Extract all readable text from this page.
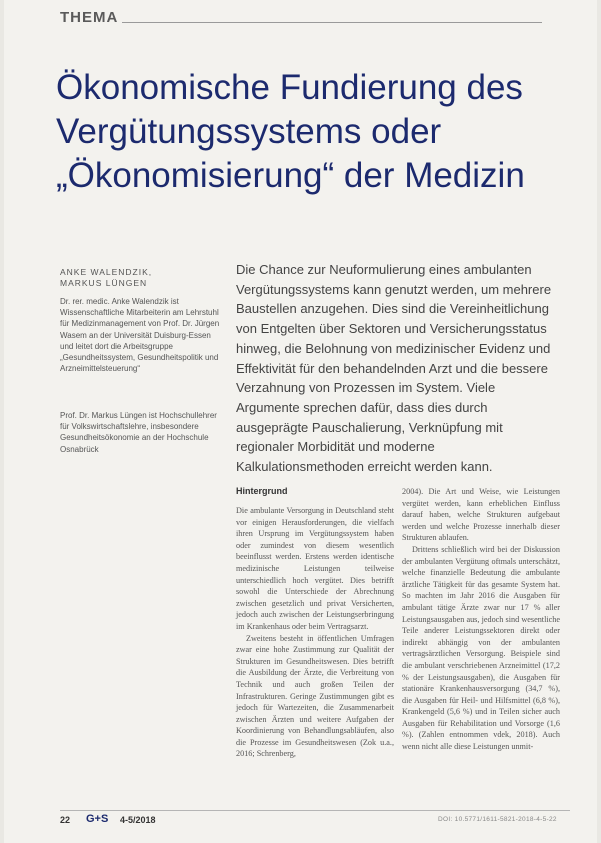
THEMA
Ökonomische Fundierung des Vergütungssystems oder „Ökonomisierung“ der Medizin
ANKE WALENDZIK,
MARKUS LÜNGEN
Dr. rer. medic. Anke Walendzik ist Wissenschaftliche Mitarbeiterin am Lehrstuhl für Medizinmanagement von Prof. Dr. Jürgen Wasem an der Universität Duisburg-Essen und leitet dort die Arbeitsgruppe „Gesundheitssystem, Gesundheitspolitik und Arzneimittelsteuerung“
Prof. Dr. Markus Lüngen ist Hochschullehrer für Volkswirtschaftslehre, insbesondere Gesundheitsökonomie an der Hochschule Osnabrück
Die Chance zur Neuformulierung eines ambulanten Vergütungssystems kann genutzt werden, um mehrere Baustellen anzugehen. Dies sind die Vereinheitlichung von Entgelten über Sektoren und Versicherungsstatus hinweg, die Belohnung von medizinischer Evidenz und Effektivität für den behandelnden Arzt und die bessere Verzahnung von Prozessen im System. Viele Argumente sprechen dafür, dass dies durch ausgeprägte Pauschalierung, Verknüpfung mit regionaler Morbidität und moderne Kalkulationsmethoden erreicht werden kann.
Hintergrund

Die ambulante Versorgung in Deutschland steht vor einigen Herausforderungen, die vielfach ihren Ursprung im Vergütungssystem haben oder zumindest von diesem wesentlich beeinflusst werden. Erstens werden identische medizinische Leistungen teilweise unterschiedlich hoch vergütet. Dies betrifft sowohl die Unterschiede der Abrechnung zwischen gesetzlich und privat Versicherten, jedoch auch zwischen der Leistungserbringung im Krankenhaus oder beim Vertragsarzt.

Zweitens besteht in öffentlichen Umfragen zwar eine hohe Zustimmung zur Qualität der Strukturen im Gesundheitswesen. Dies betrifft die Ausbildung der Ärzte, die Verbreitung von Technik und auch großen Teilen der Infrastrukturen. Geringe Zustimmungen gibt es jedoch für Wartezeiten, die Zusammenarbeit zwischen Ärzten und weitere Aufgaben der Koordinierung von Behandlungsabläufen, also die Prozesse im Gesundheitswesen (Zok u.a., 2016; Schrenberg,

2004). Die Art und Weise, wie Leistungen vergütet werden, kann erheblichen Einfluss darauf haben, welche Strukturen aufgebaut werden und welche Prozesse innerhalb dieser Strukturen ablaufen.

Drittens schließlich wird bei der Diskussion der ambulanten Vergütung oftmals unterschätzt, welche finanzielle Bedeutung die ambulante ärztliche Tätigkeit für das gesamte System hat. So machten im Jahr 2016 die Ausgaben für ambulant tätige Ärzte zwar nur 17 % aller Leistungsausgaben aus, jedoch sind wesentliche Teile anderer Leistungssektoren direkt oder indirekt abhängig von der ambulanten vertragsärztlichen Versorgung. Beispiele sind die ambulant verschriebenen Arzneimittel (17,2 % der Leistungsausgaben), die Ausgaben für stationäre Krankenhausversorgung (34,7 %), die Ausgaben für Heil- und Hilfsmittel (6,8 %), Krankengeld (5,6 %) und in Teilen sicher auch Ausgaben für Rehabilitation und Vorsorge (1,6 %). (Zahlen entnommen vdek, 2018). Auch wenn nicht alle diese Leistungen unmit-

22 G+S 4-5/2018	DOI: 10.5771/1611-5821-2018-4-5-22
